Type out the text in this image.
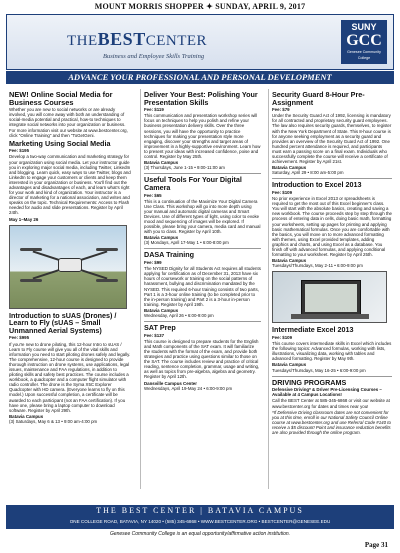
MOUNT MORRIS SHOPPER ✦ SUNDAY, APRIL 9, 2017
THEBESTCENTER
Business and Employee Skills Training
SUNY
GCC
Genesee Community College
ADVANCE YOUR PROFESSIONAL AND PERSONAL DEVELOPMENT
NEW! Online Social Media for Business Courses
Whether you are new to social networks or are already involved, you will come away with both an understanding of social-media potential and practical, how-to techniques to integrate social networks into your organization or business. For more information visit our website at www.bestcenter.org, click "Online Training" and then "ToGetGeni.
Marketing Using Social Media
Fee: $195
Develop a two-way communication and marketing strategy for your organization using social media. Let your instructor guide you in exploring major social media, including Twitter, LinkedIn and blogging. Learn quick, easy ways to use Twitter, blogs and LinkedIn to engage your customers or clients and keep them interested in your organization or business. You'll find out the advantages and disadvantages of each, and learn what's right for your work and kind of organization. Your instructor is a director of marketing for a national association, and writes and speaks on the topic. Technical Requirements: Access to Flash needed for audio and slide presentations. Register by April 24th.
May 1–May 26
Introduction to sUAS (Drones) / Learn to Fly (sUAS – Small Unmanned Aerial Systems)
Fee: $995
If you're new to drone piloting, this 12-hour Intro to sUAS / Learn to Fly course will give you all of the vital skills and information you need to start piloting drones safely and legally. The comprehensive, 12-hour course is designed to provide thorough instruction on drone systems, use applications, legal issues, maintenance and FAA regulations, in addition to piloting skills and safety best practices. The course includes a workbook, a quadcopter and a computer flight simulator with radio controller. The drone is the Syma X5C Explorer Quadcopter with HD camera. (Everyone learns to fly on this model.) Upon successful completion, a certificate will be awarded to each participant (not an FAA certification). If you have one, please bring a laptop computer to download software. Register by April 29th.
Batavia Campus
(3) Saturdays, May 6 & 13 • 9:00 am-4:00 pm
Deliver Your Best: Polishing Your Presentation Skills
Fee: $119
This communication and presentation workshop series will focus on techniques to help you polish and refine your business presentation delivery skills. Over the three sessions, you will have the opportunity to practice techniques for making your presentation style more engaging, discover your strengths and target areas of improvement in a highly-supportive environment. Learn how to present your ideas with increased confidence, poise and control. Register by May 25th.
Batavia Campus
(3) Thursdays, June 1-15 • 9:00-11:00 am
Useful Tools For Your Digital Camera
Fee: $65
This is a continuation of the Maximize Your Digital Camera Use Class. This workshop will go into more depth using your manual and automatic digital cameras and Smart Devices. Use of different types of light, using color to evoke mood and sequencing of images will be explored. If possible, please bring your camera, media card and manual with you to class. Register by April 10th.
Batavia Campus
(3) Mondays, April 17-May 1 • 6:00-8:00 pm
DASA Training
Fee: $99
The NYSED Dignity for all Students Act requires all students applying for certification as of December 31, 2013 have six hours of coursework or training on the social patterns of harassment, bullying and discrimination mandated by the NYSED. This required 6-hour training consists of two parts, Part 1 is a 3-hour online training (to be completed prior to the in-person training) and Part 2 is a 3-hour in-person training. Register by April 19th.
Batavia Campus
Wednesday, April 26 • 6:00-9:00 pm
SAT Prep
Fee: $137
This course is designed to prepare students for the English and Math components of the SAT exam. It will familiarize the students with the format of the exam, and provide both strategies and practice using questions similar to those on the SAT. The course includes review and practice of critical reading, sentence completion, grammar, usage and writing, as well as topics from pre-algebra, algebra and geometry. Register by April 12th.
Dansville Campus Center
Wednesdays, April 19-May 24 • 6:00-9:00 pm
Security Guard 8-Hour Pre-Assignment
Fee: $79
Under the Security Guard Act of 1992, licensing is mandatory for all contracted and proprietary security guard employees. The law also requires security guards, themselves, to register with the New York Department of State. This 8-hour course is for anyone seeking employment as a security guard and provides an overview of the Security Guard Act of 1992. One hundred percent attendance is required, and participants must earn a passing score on a final exam. Individuals who successfully complete the course will receive a certificate of achievement. Register by April 21st.
Batavia Campus
Saturday, April 29 • 8:00 am-5:00 pm
Introduction to Excel 2013
Fee: $109
No prior experience in Excel 2013 or spreadsheets is required to get the most out of this Excel beginner's class. You will start with the absolute basics, creating and saving a new workbook. The course proceeds step by step through the process of entering data in cells, doing basic math, formatting your worksheets, setting up pages for printing and applying basic mathematical formulas. Once you are comfortable with the basics, you will move on to more advanced formatting with themes, using Excel provided templates, adding graphics and charts, and using Excel as a database. You finish off with advanced formulas, and applying conditional formatting to your worksheet. Register by April 25th.
Batavia Campus
Tuesdays/Thursdays, May 2-11 • 6:00-9:00 pm
Intermediate Excel 2013
Fee: $109
This course covers intermediate skills in Excel which includes the following topics: Advanced formulas, working with lists, illustrations, visualizing data, working with tables and advanced formatting. Register by May 9th.
Batavia Campus
Tuesdays/Thursdays, May 16-25 • 6:00-9:00 pm
DRIVING PROGRAMS
Defensive Driving* & Driver Pre-Licensing Courses – Available at 4 Campus Locations!
Call the BEST Center at 585-345-6868 or visit our website at www.bestcenter.org for dates and times near you!
*If Defensive Driving classroom dates are not convenient for you at this time, enroll in our National Safety Council Online course at www.bestcenter.org and use Referral Code #140 to receive a $5 discount! Point and insurance reduction benefits are also provided through the online program.
THE BEST CENTER | BATAVIA CAMPUS
ONE COLLEGE ROAD, BATAVIA, NY 14020 • (585) 345-6868 • WWW.BESTCENTER.ORG • BESTCENTER@GENESEE.EDU
Genesee Community College is an equal opportunity/affirmative action institution.
Page 31
